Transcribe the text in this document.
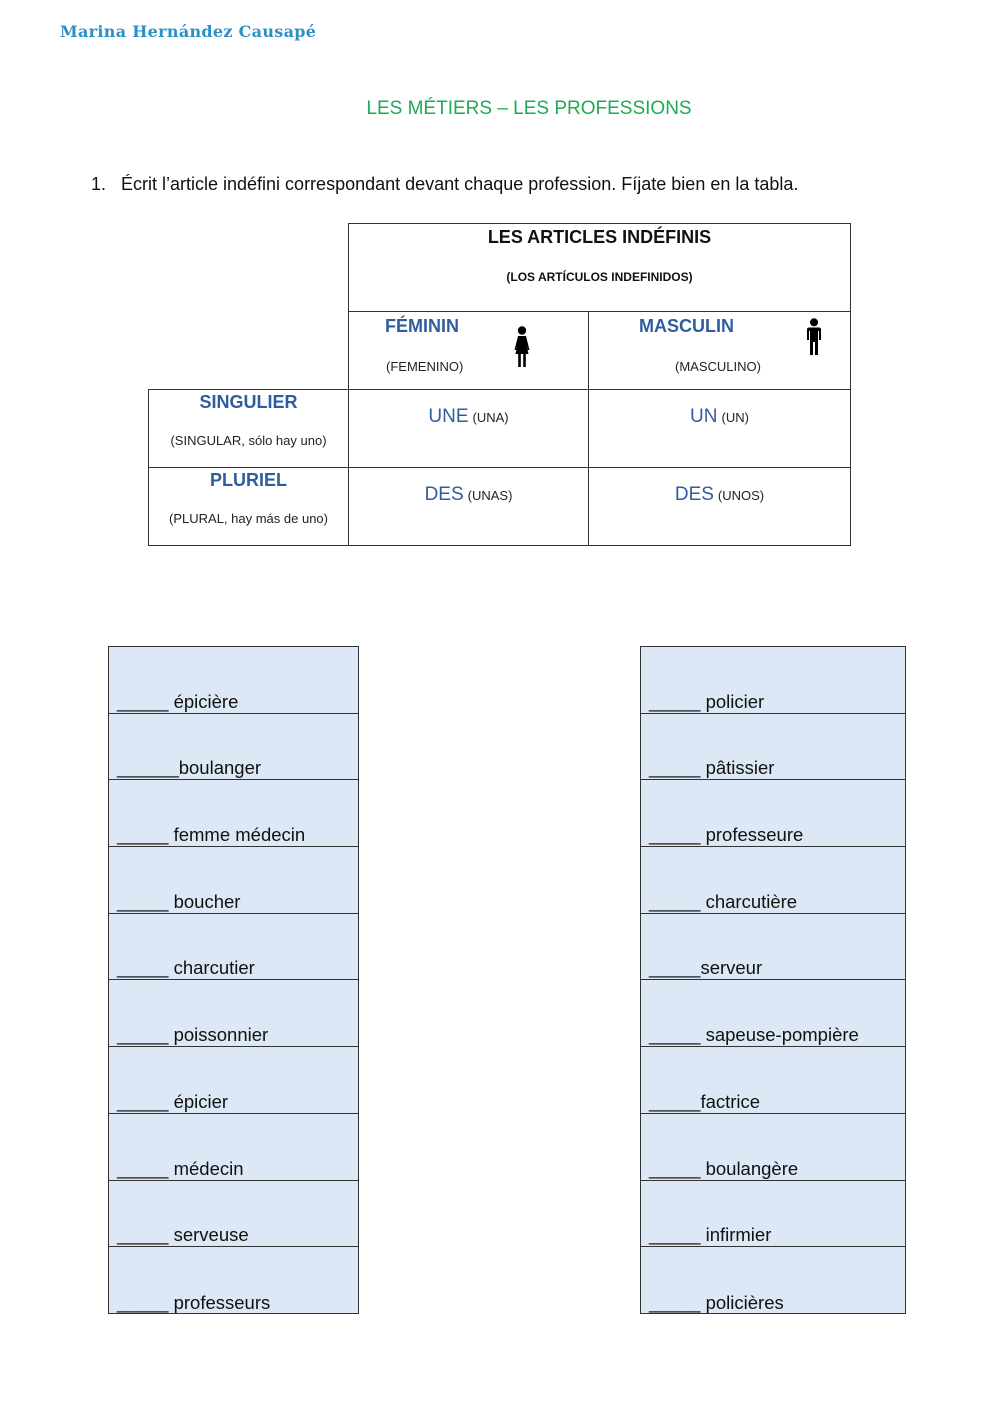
Marina Hernández Causapé
LES MÉTIERS – LES PROFESSIONS
1. Écrit l’article indéfini correspondant devant chaque profession. Fíjate bien en la tabla.
LES ARTICLES INDÉFINIS
(LOS ARTÍCULOS INDEFINIDOS)
FÉMININ
(FEMENINO)
MASCULIN
(MASCULINO)
SINGULIER
(SINGULAR, sólo hay uno)
PLURIEL
(PLURAL, hay más de uno)
UNE (UNA)	UN (UN)
DES (UNAS)	DES (UNOS)
_____ épicière
______boulanger
_____ femme médecin
_____ boucher
_____ charcutier
_____ poissonnier
_____ épicier
_____ médecin
_____ serveuse
_____ professeurs
_____ policier
_____ pâtissier
_____ professeure
_____ charcutière
_____serveur
_____ sapeuse-pompière
_____factrice
_____ boulangère
_____ infirmier
_____ policières
